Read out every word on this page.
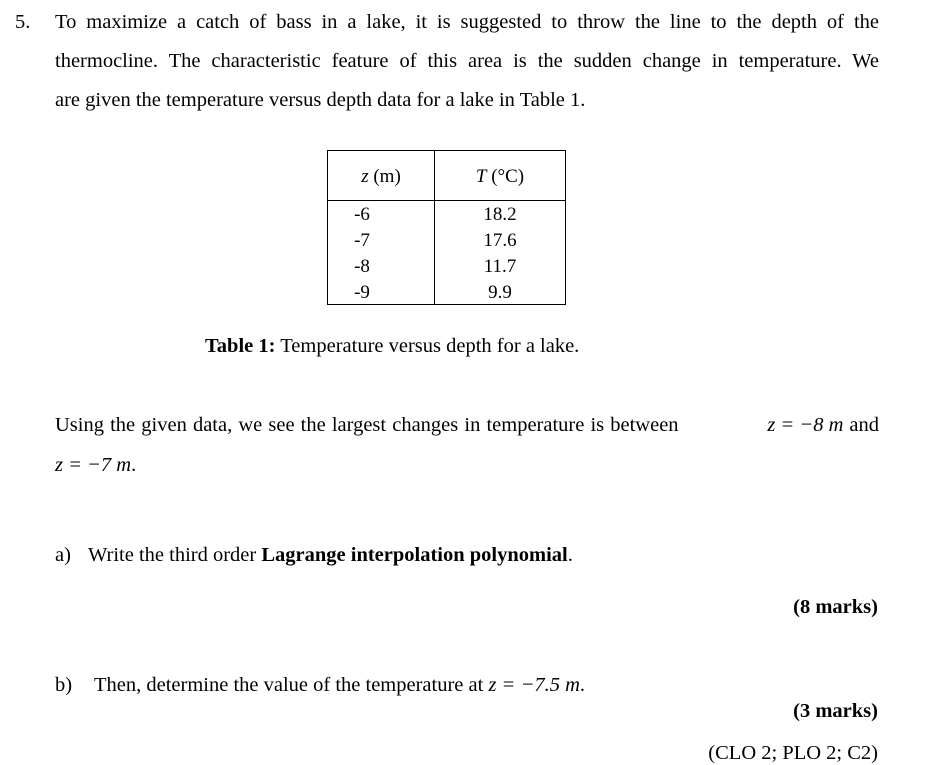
5. To maximize a catch of bass in a lake, it is suggested to throw the line to the depth of the
thermocline. The characteristic feature of this area is the sudden change in temperature. We
are given the temperature versus depth data for a lake in Table 1.
z (m)	T (°C)
-6	18.2
-7	17.6
-8	11.7
-9	9.9
Table 1: Temperature versus depth for a lake.
Using the given data, we see the largest changes in temperature is between	z = −8 m and
z = −7 m.
a) Write the third order Lagrange interpolation polynomial.
(8 marks)
b) Then, determine the value of the temperature at z = −7.5 m.
(3 marks)
(CLO 2; PLO 2; C2)
